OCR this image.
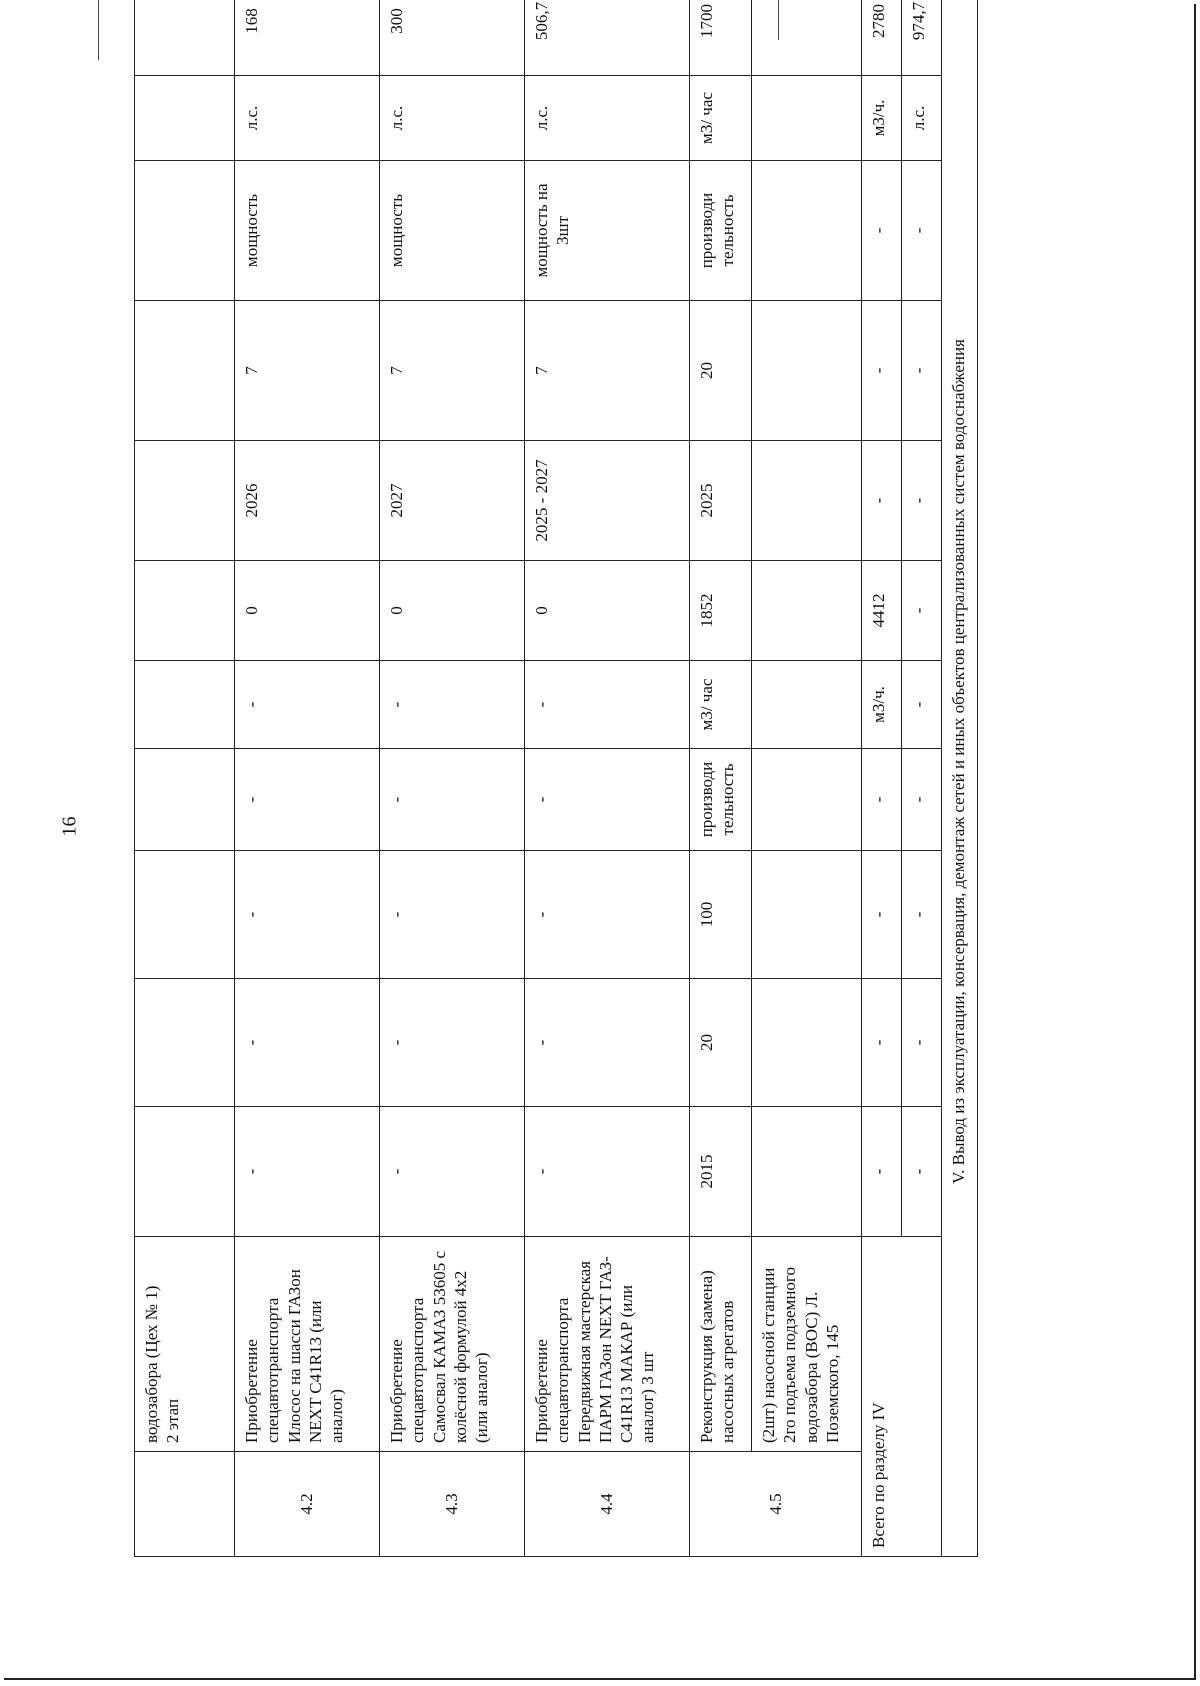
16
	водозабора (Цех № 1)
2 этап											
4.2	Приобретение спецавтотранспорта Илосос на шасси ГАЗон NEXT С41R13 (или аналог)	-	-	-	-	-	0	2026	7	мощность	л.с.	168
4.3	Приобретение спецавтотранспорта Самосвал КАМАЗ 53605 с колёсной формулой 4х2 (или аналог)	-	-	-	-	-	0	2027	7	мощность	л.с.	300
4.4	Приобретение спецавтотранспорта Передвижная мастерская ПАРМ ГАЗон NEXT ГАЗ-С41R13 МАКАР (или аналог) 3 шт	-	-	-	-	-	0	2025 - 2027	7	мощность на 3шт	л.с.	506,7
4.5	Реконструкция (замена) насосных агрегатов	2015	20	100	производи тельность	м3/ час	1852	2025	20	производи тельность	м3/ час	1700
	(2шт) насосной станции 2го подъема подземного водозабора (ВОС) Л. Поземского, 145											
Всего по разделу IV		-	-	-	-	м3/ч.	4412	-	-	-	м3/ч.	2780
		-	-	-	-	-	-	-	-	-	л.с.	974,7
V. Вывод из эксплуатации, консервация, демонтаж сетей и иных объектов централизованных систем водоснабжения												
